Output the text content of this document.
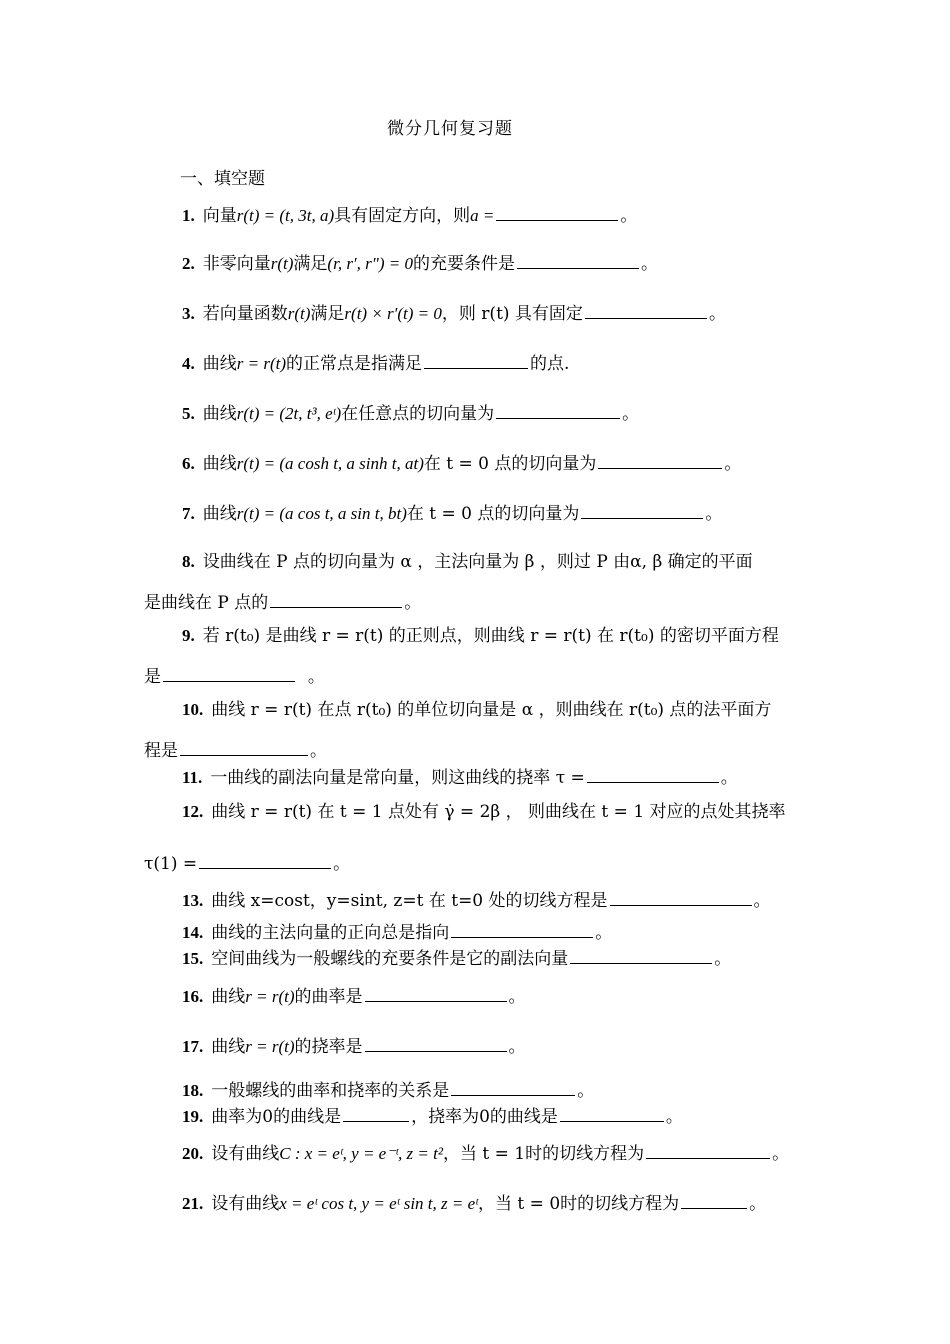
微分几何复习题
一、填空题
1. 向量r(t) = (t, 3t, a)具有固定方向，则a =	。
2. 非零向量r(t)满足(r, r′, r″) = 0的充要条件是	。
3. 若向量函数r(t)满足r(t) × r′(t) = 0，则 r(t) 具有固定	。
4. 曲线r = r(t)的正常点是指满足	的点.
5. 曲线r(t) = (2t, t³, eᵗ)在任意点的切向量为	。
6. 曲线r(t) = (a cosh t, a sinh t, at)在 t = 0 点的切向量为	。
7. 曲线r(t) = (a cos t, a sin t, bt)在 t = 0 点的切向量为	。
8. 设曲线在 P 点的切向量为 α ，主法向量为 β ，则过 P 由α, β 确定的平面
是曲线在 P 点的	。
9. 若 r(t₀) 是曲线 r = r(t) 的正则点，则曲线 r = r(t) 在 r(t₀) 的密切平面方程
是	。
10. 曲线 r = r(t) 在点 r(t₀) 的单位切向量是 α ，则曲线在 r(t₀) 点的法平面方
程是	。
11. 一曲线的副法向量是常向量，则这曲线的挠率 τ =	。
12. 曲线 r = r(t) 在 t = 1 点处有 γ̇ = 2β ， 则曲线在 t = 1 对应的点处其挠率
τ(1) =	。
13. 曲线 x=cost，y=sint, z=t 在 t=0 处的切线方程是	。
14. 曲线的主法向量的正向总是指向	。
15. 空间曲线为一般螺线的充要条件是它的副法向量	。
16. 曲线r = r(t)的曲率是	。
17. 曲线r = r(t)的挠率是	。
18. 一般螺线的曲率和挠率的关系是	。
19. 曲率为0的曲线是	，挠率为0的曲线是	。
20. 设有曲线C : x = eᵗ, y = e⁻ᵗ, z = t²，当 t = 1时的切线方程为	。
21. 设有曲线x = eᵗ cos t, y = eᵗ sin t, z = eᵗ，当 t = 0时的切线方程为	。
